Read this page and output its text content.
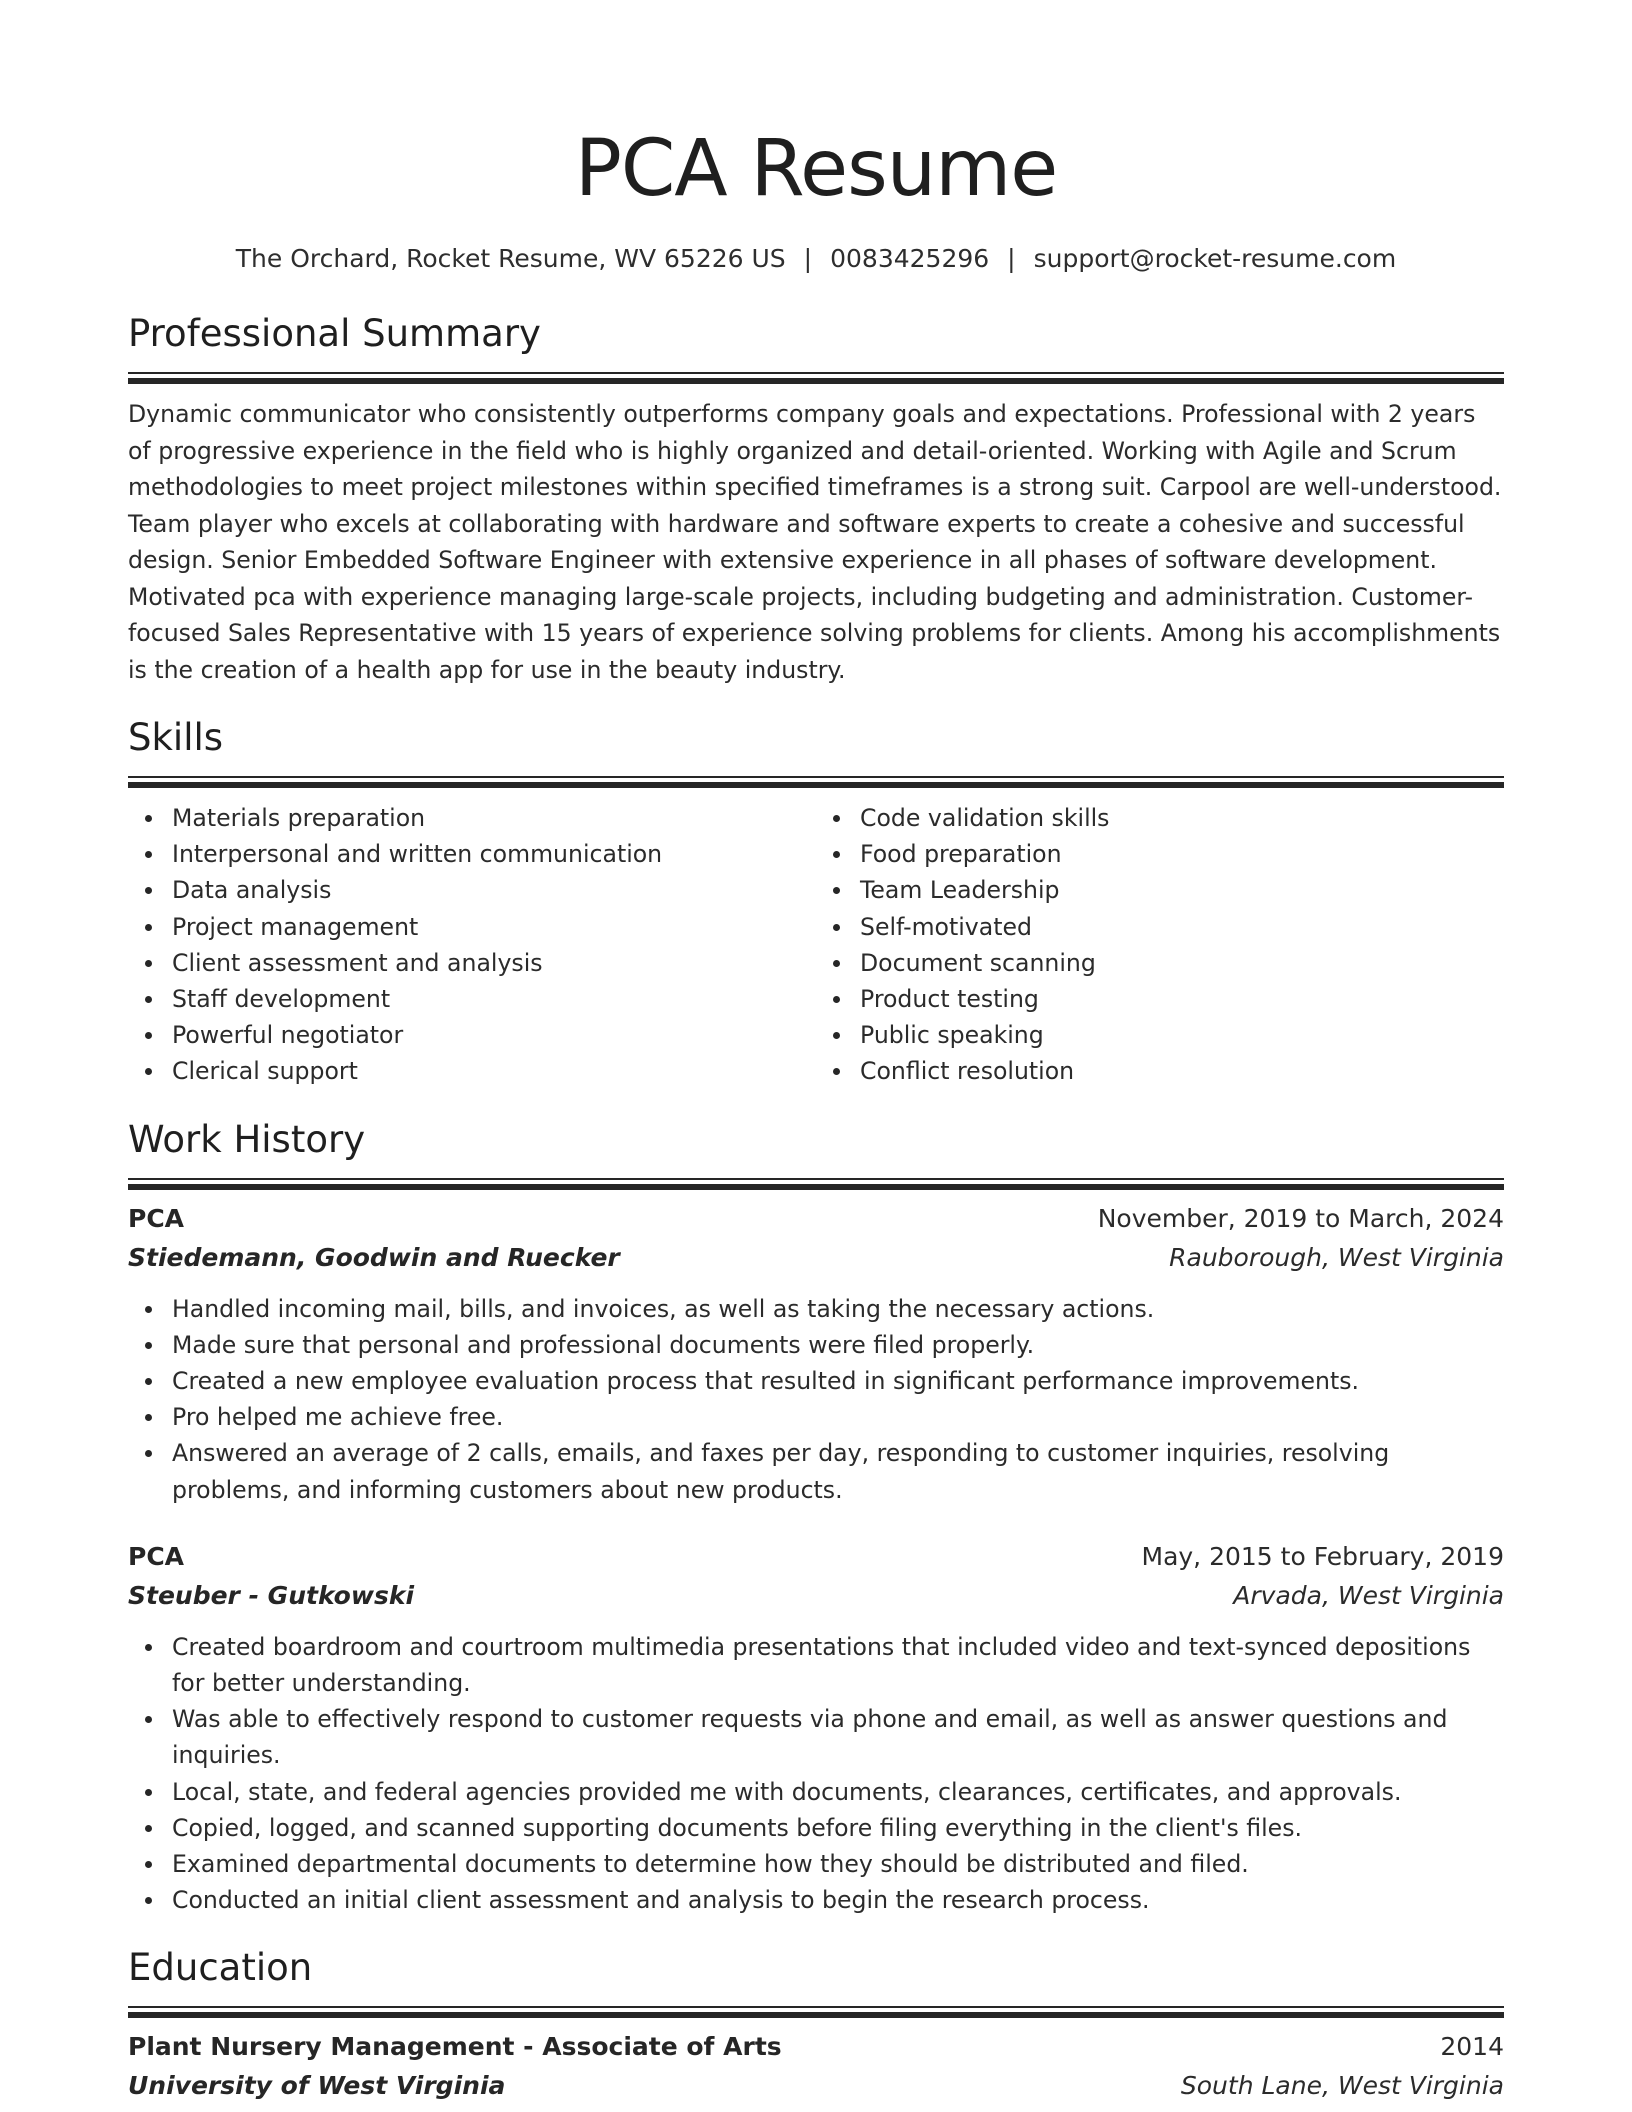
PCA Resume
The Orchard, Rocket Resume, WV 65226 US | 0083425296 | support@rocket-resume.com
Professional Summary

Dynamic communicator who consistently outperforms company goals and expectations. Professional with 2 years of progressive experience in the field who is highly organized and detail-oriented. Working with Agile and Scrum methodologies to meet project milestones within specified timeframes is a strong suit. Carpool are well-understood. Team player who excels at collaborating with hardware and software experts to create a cohesive and successful design. Senior Embedded Software Engineer with extensive experience in all phases of software development. Motivated pca with experience managing large-scale projects, including budgeting and administration. Customer-focused Sales Representative with 15 years of experience solving problems for clients. Among his accomplishments is the creation of a health app for use in the beauty industry.

Skills
Materials preparation
Interpersonal and written communication
Data analysis
Project management
Client assessment and analysis
Staff development
Powerful negotiator
Clerical support
Code validation skills
Food preparation
Team Leadership
Self-motivated
Document scanning
Product testing
Public speaking
Conflict resolution
Work History
PCA	November, 2019 to March, 2024
Stiedemann, Goodwin and Ruecker	Rauborough, West Virginia
Handled incoming mail, bills, and invoices, as well as taking the necessary actions.
Made sure that personal and professional documents were filed properly.
Created a new employee evaluation process that resulted in significant performance improvements.
Pro helped me achieve free.
Answered an average of 2 calls, emails, and faxes per day, responding to customer inquiries, resolving problems, and informing customers about new products.
PCA	May, 2015 to February, 2019
Steuber - Gutkowski	Arvada, West Virginia
Created boardroom and courtroom multimedia presentations that included video and text-synced depositions for better understanding.
Was able to effectively respond to customer requests via phone and email, as well as answer questions and inquiries.
Local, state, and federal agencies provided me with documents, clearances, certificates, and approvals.
Copied, logged, and scanned supporting documents before filing everything in the client's files.
Examined departmental documents to determine how they should be distributed and filed.
Conducted an initial client assessment and analysis to begin the research process.
Education
Plant Nursery Management - Associate of Arts	2014
University of West Virginia	South Lane, West Virginia
